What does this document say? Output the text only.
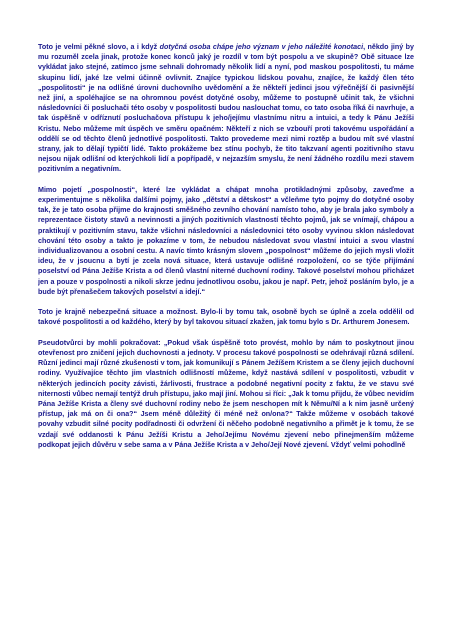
Toto je velmi pěkné slovo, a i když dotyčná osoba chápe jeho význam v jeho náležité konotaci, někdo jiný by mu rozuměl zcela jinak, protože konec konců jaký je rozdíl v tom být pospolu a ve skupině? Obě situace lze vykládat jako stejné, zatímco jsme sehnali dohromady několik lidí a nyní, pod maskou pospolitosti, tu máme skupinu lidí, jaké lze velmi účinně ovlivnit. Znajíce typickou lidskou povahu, znajíce, že každý člen této „pospolitosti“ je na odlišné úrovni duchovního uvědomění a že někteří jedinci jsou výřečnější či pasivnější než jiní, a spoléhajíce se na ohromnou povést dotyčné osoby, můžeme to postupně učinit tak, že všichni následovníci či posluchači této osoby v pospolitosti budou naslouchat tomu, co tato osoba říká či navrhuje, a tak úspěšně v odříznutí posluchačova přístupu k jeho/jejímu vlastnímu nitru a intuici, a tedy k Pánu Ježíši Kristu. Nebo můžeme mít úspěch ve směru opačném: Někteří z nich se vzbouří proti takovému uspořádání a oddělí se od těchto členů jednotlivé pospolitosti. Takto provedeme mezi nimi roztěp a budou mít své vlastní strany, jak to dělají typičtí lidé. Takto prokážeme bez stínu pochyb, že tito takzvaní agenti pozitivního stavu nejsou nijak odlišní od kterýchkoli lidí a popřípadě, v nejzazším smyslu, že není žádného rozdílu mezi stavem pozitivním a negativním.

Mimo pojetí „pospolnosti“, které lze vykládat a chápat mnoha protikladnými způsoby, zaveďme a experimentujme s několika dalšími pojmy, jako „dětství a dětskost“ a včleňme tyto pojmy do dotyčné osoby tak, že je tato osoba přijme do krajnosti směšného zevního chování namísto toho, aby je brala jako symboly a reprezentace čistoty stavů a nevinnosti a jiných pozitivních vlastností těchto pojmů, jak se vnímají, chápou a praktikují v pozitivním stavu, takže všichni následovníci a následovnici této osoby vyvinou sklon následovat chování této osoby a takto je pokazíme v tom, že nebudou následovat svou vlastní intuici a svou vlastní individualizovanou a osobní cestu. A navíc tímto krásným slovem „pospolnost“ můžeme do jejich mysli vložit ideu, že v jsoucnu a bytí je zcela nová situace, která ustavuje odlišné rozpoložení, co se týče přijímání poselství od Pána Ježíše Krista a od členů vlastní niterné duchovní rodiny. Takové poselství mohou přicházet jen a pouze v pospolnosti a nikoli skrze jednu jednotlivou osobu, jakou je např. Petr, jehož posláním bylo, je a bude být přenašečem takových poselství a idejí.“

Toto je krajně nebezpečná situace a možnost. Bylo-li by tomu tak, osobně bych se úplně a zcela oddělil od takové pospolitosti a od každého, který by byl takovou situací zkažen, jak tomu bylo s Dr. Arthurem Jonesem.

Pseudotvůrci by mohli pokračovat: „Pokud však úspěšně toto provést, mohlo by nám to poskytnout jinou otevřenost pro zničení jejich duchovnosti a jednoty. V procesu takové pospolnosti se odehrávají různá sdílení. Různí jedinci mají různé zkušenosti v tom, jak komunikují s Pánem Ježíšem Kristem a se členy jejich duchovní rodiny. Využívajíce těchto jim vlastních odlišností můžeme, když nastává sdílení v pospolitosti, vzbudit v některých jedincích pocity závisti, žárlivosti, frustrace a podobné negativní pocity z faktu, že ve stavu své niternosti vůbec nemají tentýž druh přístupu, jako mají jiní. Mohou si říci: „Jak k tomu přijdu, že vůbec nevidím Pána Ježíše Krista a členy své duchovní rodiny nebo že jsem neschopen mít k Němu/Ní a k nim jasně určený přístup, jak má on či ona?“ Jsem méně důležitý či méně než on/ona?“ Takže můžeme v osobách takové povahy vzbudit silné pocity podřadnosti či odvržení či něčeho podobně negativního a přimět je k tomu, že se vzdají své oddanosti k Pánu Ježíši Kristu a Jeho/Jejímu Novému zjevení nebo přinejmenším můžeme podkopat jejich důvěru v sebe sama a v Pána Ježíše Krista a v Jeho/Její Nové zjevení. Vždyť velmi pohodlně
